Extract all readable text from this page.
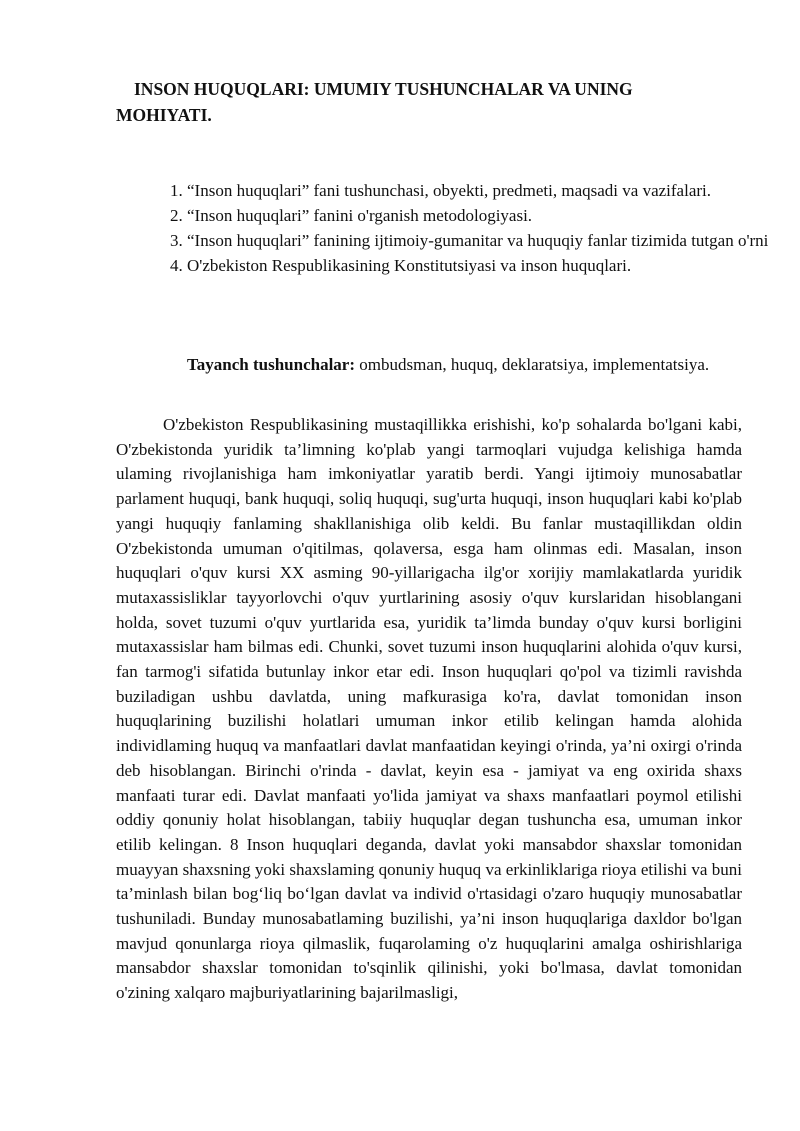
INSON HUQUQLARI: UMUMIY TUSHUNCHALAR VA UNING MOHIYATI.
1. “Inson huquqlari” fani tushunchasi, obyekti, predmeti, maqsadi va vazifalari.
2. “Inson huquqlari” fanini o'rganish metodologiyasi.
3. “Inson huquqlari” fanining ijtimoiy-gumanitar va huquqiy fanlar tizimida tutgan o'rni
4. O'zbekiston Respublikasining Konstitutsiyasi va inson huquqlari.

Tayanch tushunchalar: ombudsman, huquq, deklaratsiya, implementatsiya.

O'zbekiston Respublikasining mustaqillikka erishishi, ko'p sohalarda bo'lgani kabi, O'zbekistonda yuridik ta’limning ko'plab yangi tarmoqlari vujudga kelishiga hamda ulaming rivojlanishiga ham imkoniyatlar yaratib berdi. Yangi ijtimoiy munosabatlar parlament huquqi, bank huquqi, soliq huquqi, sug'urta huquqi, inson huquqlari kabi ko'plab yangi huquqiy fanlaming shakllanishiga olib keldi. Bu fanlar mustaqillikdan oldin O'zbekistonda umuman o'qitilmas, qolaversa, esga ham olinmas edi. Masalan, inson huquqlari o'quv kursi XX asming 90-yillarigacha ilg'or xorijiy mamlakatlarda yuridik mutaxassisliklar tayyorlovchi o'quv yurtlarining asosiy o'quv kurslaridan hisoblangani holda, sovet tuzumi o'quv yurtlarida esa, yuridik ta’limda bunday o'quv kursi borligini mutaxassislar ham bilmas edi. Chunki, sovet tuzumi inson huquqlarini alohida o'quv kursi, fan tarmog'i sifatida butunlay inkor etar edi. Inson huquqlari qo'pol va tizimli ravishda buziladigan ushbu davlatda, uning mafkurasiga ko'ra, davlat tomonidan inson huquqlarining buzilishi holatlari umuman inkor etilib kelingan hamda alohida individlaming huquq va manfaatlari davlat manfaatidan keyingi o'rinda, ya’ni oxirgi o'rinda deb hisoblangan. Birinchi o'rinda - davlat, keyin esa - jamiyat va eng oxirida shaxs manfaati turar edi. Davlat manfaati yo'lida jamiyat va shaxs manfaatlari poymol etilishi oddiy qonuniy holat hisoblangan, tabiiy huquqlar degan tushuncha esa, umuman inkor etilib kelingan. 8 Inson huquqlari deganda, davlat yoki mansabdor shaxslar tomonidan muayyan shaxsning yoki shaxslaming qonuniy huquq va erkinliklariga rioya etilishi va buni ta’minlash bilan bog‘liq bo‘lgan davlat va individ o'rtasidagi o'zaro huquqiy munosabatlar tushuniladi. Bunday munosabatlaming buzilishi, ya’ni inson huquqlariga daxldor bo'lgan mavjud qonunlarga rioya qilmaslik, fuqarolaming o'z huquqlarini amalga oshirishlariga mansabdor shaxslar tomonidan to'sqinlik qilinishi, yoki bo'lmasa, davlat tomonidan o'zining xalqaro majburiyatlarining bajarilmasligi,
